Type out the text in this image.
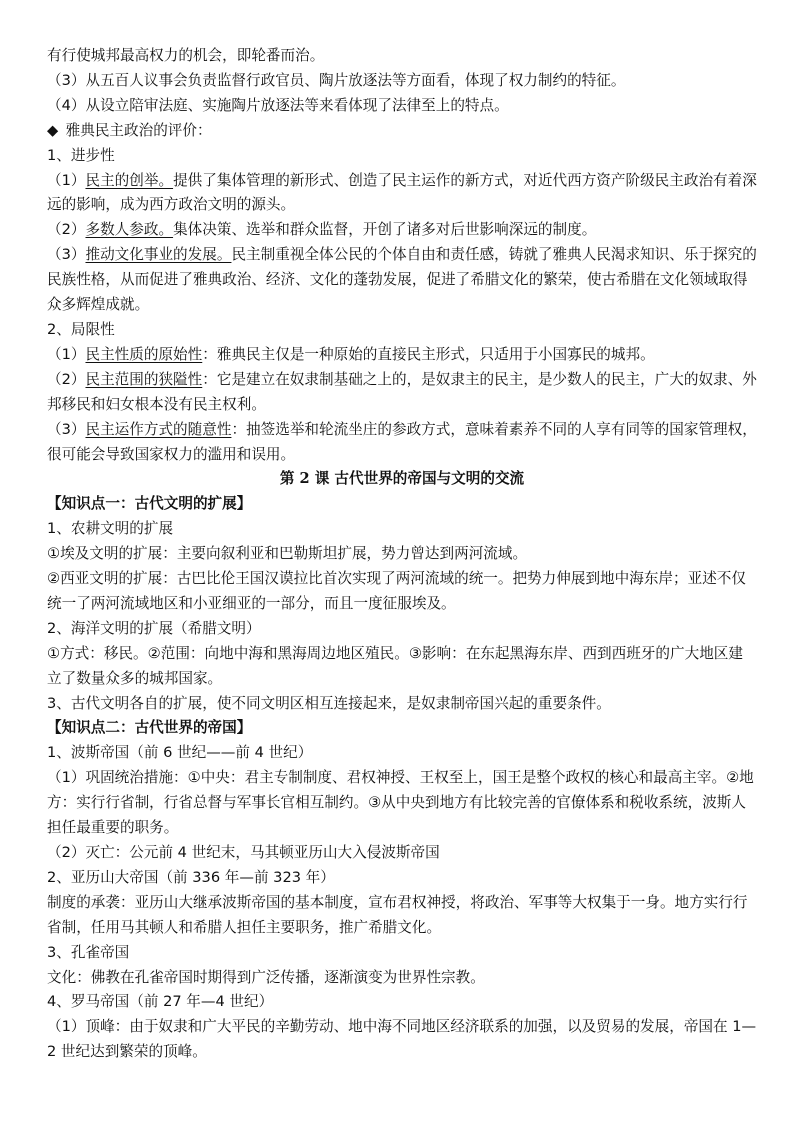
有行使城邦最高权力的机会，即轮番而治。

（3）从五百人议事会负责监督行政官员、陶片放逐法等方面看，体现了权力制约的特征。

（4）从设立陪审法庭、实施陶片放逐法等来看体现了法律至上的特点。

◆ 雅典民主政治的评价：

1、进步性

（1）民主的创举。提供了集体管理的新形式、创造了民主运作的新方式，对近代西方资产阶级民主政治有着深远的影响，成为西方政治文明的源头。

（2）多数人参政。集体决策、选举和群众监督，开创了诸多对后世影响深远的制度。

（3）推动文化事业的发展。民主制重视全体公民的个体自由和责任感，铸就了雅典人民渴求知识、乐于探究的民族性格，从而促进了雅典政治、经济、文化的蓬勃发展，促进了希腊文化的繁荣，使古希腊在文化领域取得众多辉煌成就。

2、局限性

（1）民主性质的原始性：雅典民主仅是一种原始的直接民主形式，只适用于小国寡民的城邦。

（2）民主范围的狭隘性：它是建立在奴隶制基础之上的，是奴隶主的民主，是少数人的民主，广大的奴隶、外邦移民和妇女根本没有民主权利。

（3）民主运作方式的随意性：抽签选举和轮流坐庄的参政方式，意味着素养不同的人享有同等的国家管理权，很可能会导致国家权力的滥用和误用。

第 2 课 古代世界的帝国与文明的交流

【知识点一：古代文明的扩展】

1、农耕文明的扩展

①埃及文明的扩展：主要向叙利亚和巴勒斯坦扩展，势力曾达到两河流域。

②西亚文明的扩展：古巴比伦王国汉谟拉比首次实现了两河流域的统一。把势力伸展到地中海东岸；亚述不仅统一了两河流域地区和小亚细亚的一部分，而且一度征服埃及。

2、海洋文明的扩展（希腊文明）

①方式：移民。②范围：向地中海和黑海周边地区殖民。③影响：在东起黑海东岸、西到西班牙的广大地区建立了数量众多的城邦国家。

3、古代文明各自的扩展，使不同文明区相互连接起来，是奴隶制帝国兴起的重要条件。

【知识点二：古代世界的帝国】

1、波斯帝国（前 6 世纪——前 4 世纪）

（1）巩固统治措施：①中央：君主专制制度、君权神授、王权至上，国王是整个政权的核心和最高主宰。②地方：实行行省制，行省总督与军事长官相互制约。③从中央到地方有比较完善的官僚体系和税收系统，波斯人担任最重要的职务。

（2）灭亡：公元前 4 世纪末，马其顿亚历山大入侵波斯帝国

2、亚历山大帝国（前 336 年—前 323 年）

制度的承袭：亚历山大继承波斯帝国的基本制度，宣布君权神授，将政治、军事等大权集于一身。地方实行行省制，任用马其顿人和希腊人担任主要职务，推广希腊文化。

3、孔雀帝国

文化：佛教在孔雀帝国时期得到广泛传播，逐渐演变为世界性宗教。

4、罗马帝国（前 27 年—4 世纪）

（1）顶峰：由于奴隶和广大平民的辛勤劳动、地中海不同地区经济联系的加强，以及贸易的发展，帝国在 1—2 世纪达到繁荣的顶峰。
